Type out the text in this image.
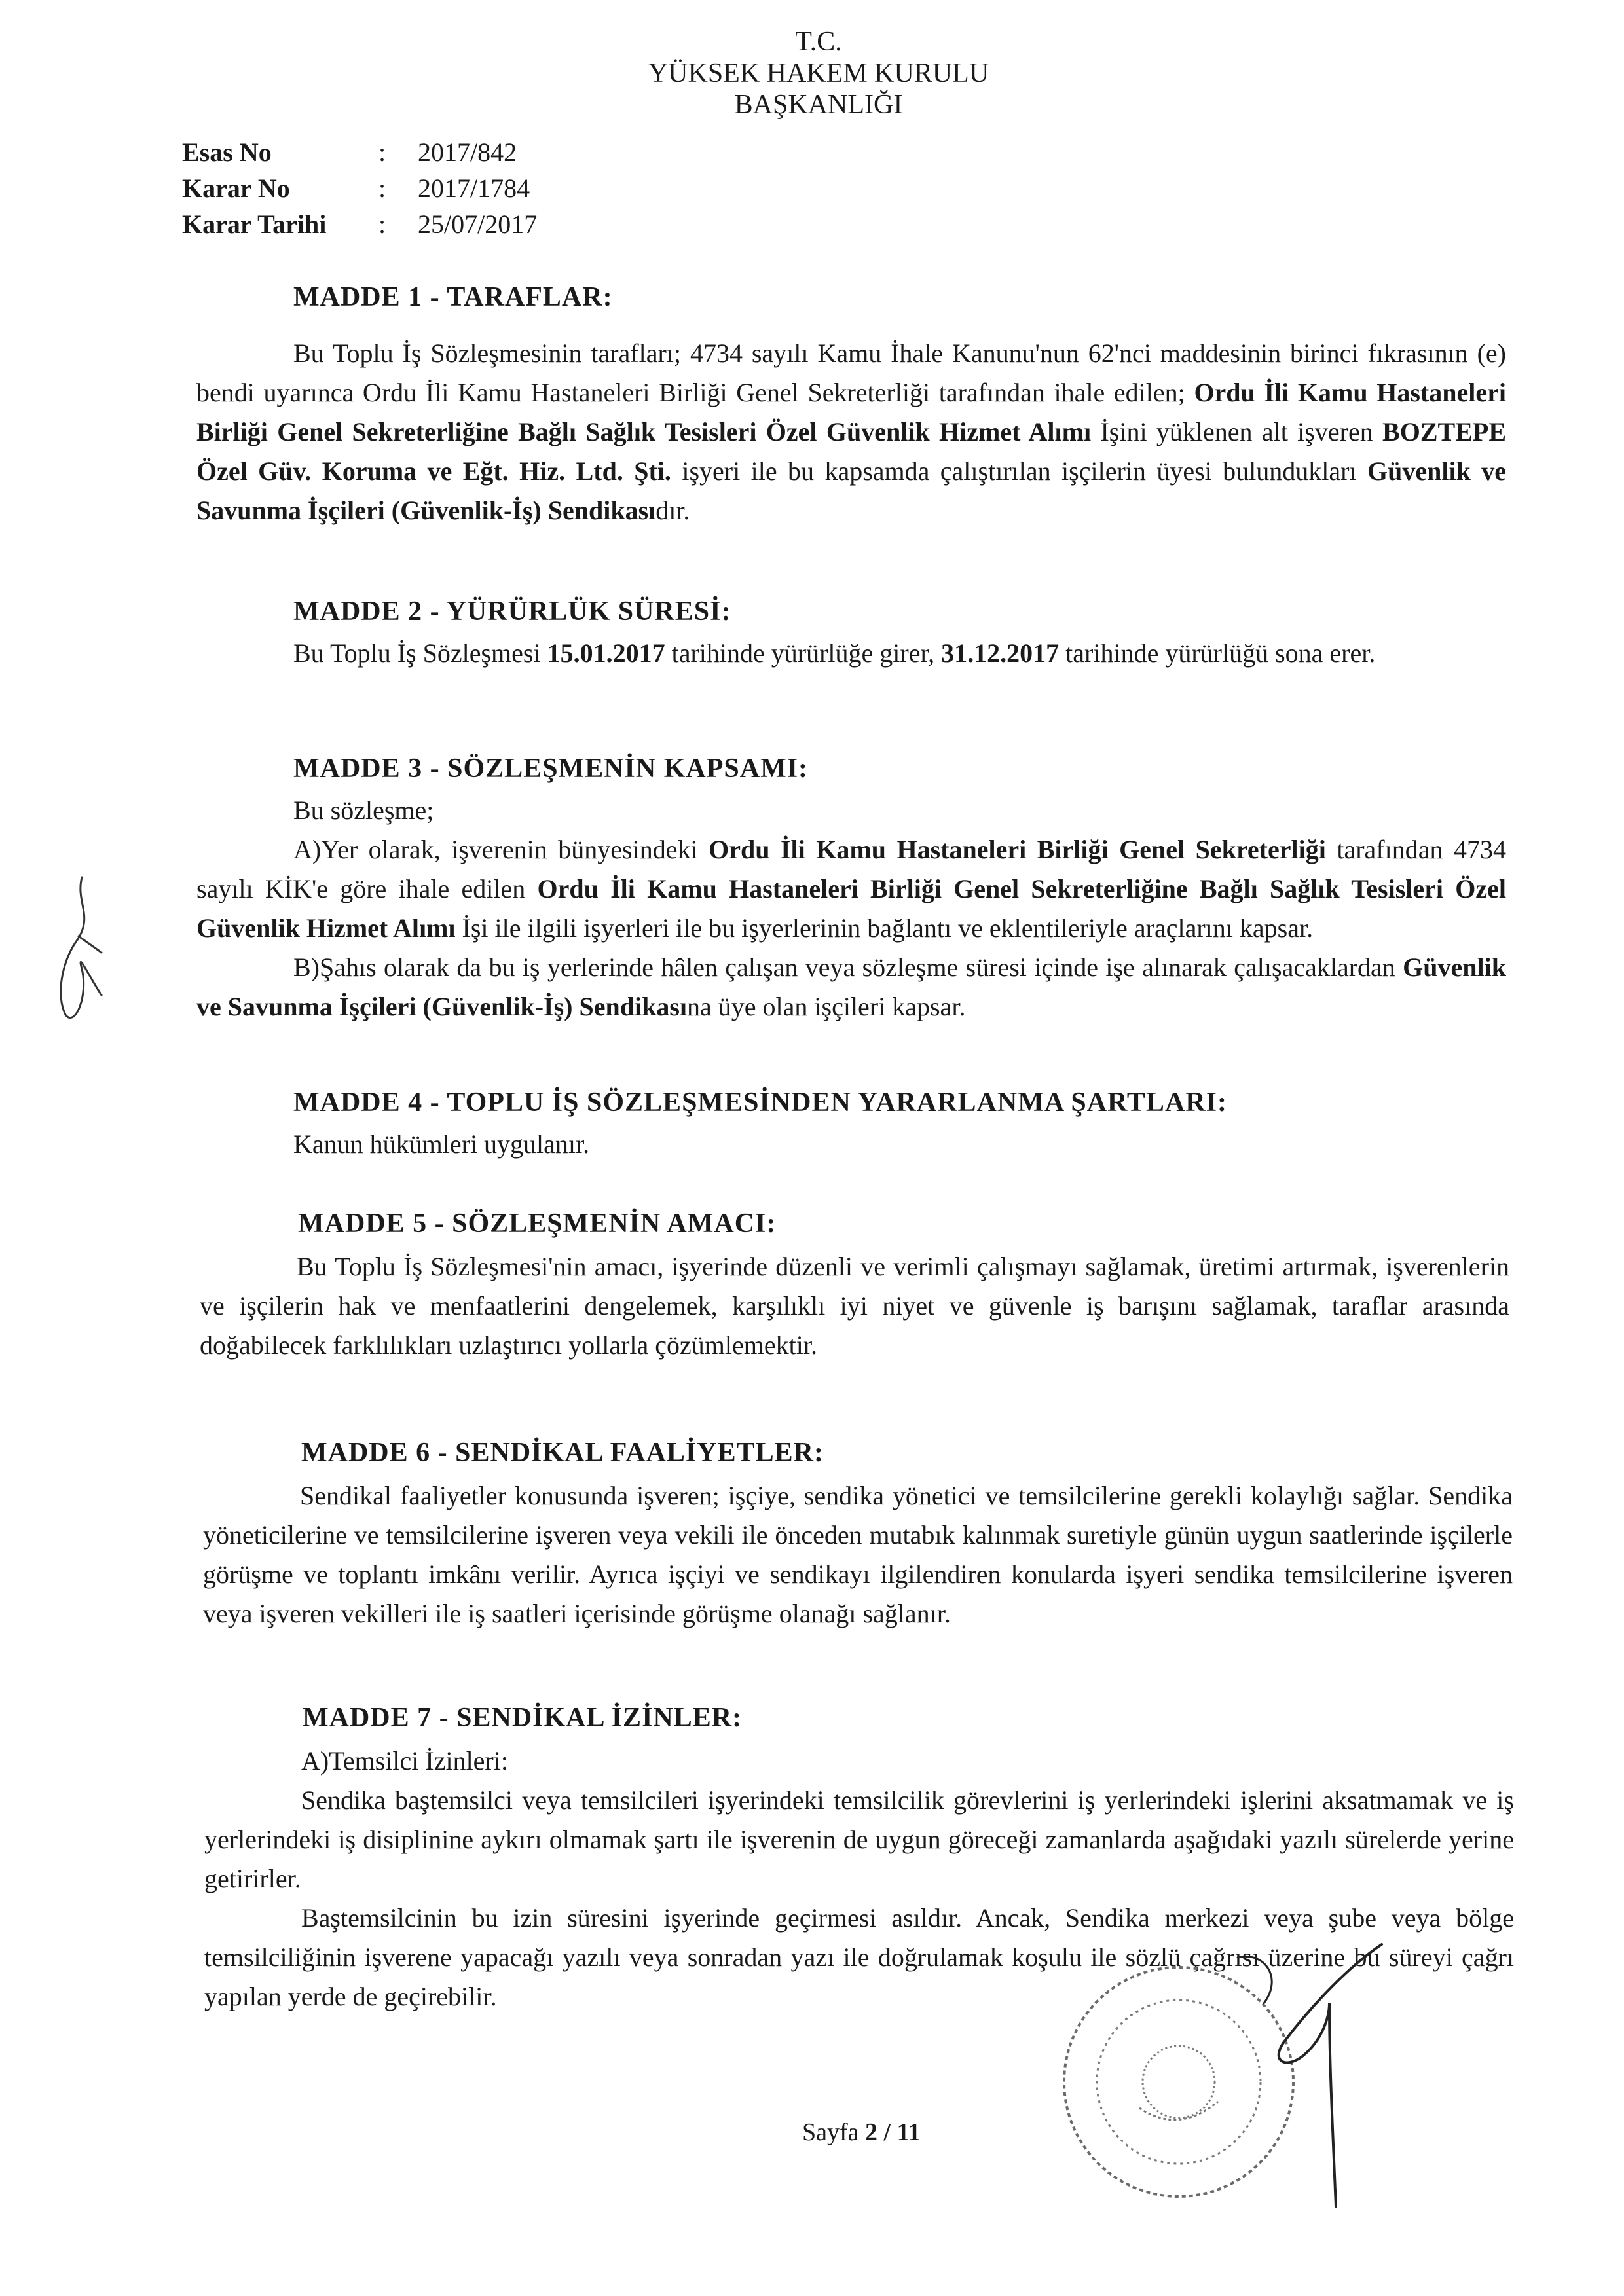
T.C.
YÜKSEK HAKEM KURULU
BAŞKANLIĞI
Esas No	: 2017/842
Karar No	: 2017/1784
Karar Tarihi : 25/07/2017
MADDE 1 - TARAFLAR:
Bu Toplu İş Sözleşmesinin tarafları; 4734 sayılı Kamu İhale Kanunu'nun 62'nci maddesinin birinci fıkrasının (e) bendi uyarınca Ordu İli Kamu Hastaneleri Birliği Genel Sekreterliği tarafından ihale edilen; Ordu İli Kamu Hastaneleri Birliği Genel Sekreterliğine Bağlı Sağlık Tesisleri Özel Güvenlik Hizmet Alımı İşini yüklenen alt işveren BOZTEPE Özel Güv. Koruma ve Eğt. Hiz. Ltd. Şti. işyeri ile bu kapsamda çalıştırılan işçilerin üyesi bulundukları Güvenlik ve Savunma İşçileri (Güvenlik-İş) Sendikasıdır.
MADDE 2 - YÜRÜRLÜK SÜRESİ:
Bu Toplu İş Sözleşmesi 15.01.2017 tarihinde yürürlüğe girer, 31.12.2017 tarihinde yürürlüğü sona erer.
MADDE 3 - SÖZLEŞMENİN KAPSAMI:
Bu sözleşme;
A)Yer olarak, işverenin bünyesindeki Ordu İli Kamu Hastaneleri Birliği Genel Sekreterliği tarafından 4734 sayılı KİK'e göre ihale edilen Ordu İli Kamu Hastaneleri Birliği Genel Sekreterliğine Bağlı Sağlık Tesisleri Özel Güvenlik Hizmet Alımı İşi ile ilgili işyerleri ile bu işyerlerinin bağlantı ve eklentileriyle araçlarını kapsar.
B)Şahıs olarak da bu iş yerlerinde hâlen çalışan veya sözleşme süresi içinde işe alınarak çalışacaklardan Güvenlik ve Savunma İşçileri (Güvenlik-İş) Sendikasına üye olan işçileri kapsar.
MADDE 4 - TOPLU İŞ SÖZLEŞMESİNDEN YARARLANMA ŞARTLARI:
Kanun hükümleri uygulanır.
MADDE 5 - SÖZLEŞMENİN AMACI:
Bu Toplu İş Sözleşmesi'nin amacı, işyerinde düzenli ve verimli çalışmayı sağlamak, üretimi artırmak, işverenlerin ve işçilerin hak ve menfaatlerini dengelemek, karşılıklı iyi niyet ve güvenle iş barışını sağlamak, taraflar arasında doğabilecek farklılıkları uzlaştırıcı yollarla çözümlemektir.
MADDE 6 - SENDİKAL FAALİYETLER:
Sendikal faaliyetler konusunda işveren; işçiye, sendika yönetici ve temsilcilerine gerekli kolaylığı sağlar. Sendika yöneticilerine ve temsilcilerine işveren veya vekili ile önceden mutabık kalınmak suretiyle günün uygun saatlerinde işçilerle görüşme ve toplantı imkânı verilir. Ayrıca işçiyi ve sendikayı ilgilendiren konularda işyeri sendika temsilcilerine işveren veya işveren vekilleri ile iş saatleri içerisinde görüşme olanağı sağlanır.
MADDE 7 - SENDİKAL İZİNLER:
A)Temsilci İzinleri:
Sendika baştemsilci veya temsilcileri işyerindeki temsilcilik görevlerini iş yerlerindeki işlerini aksatmamak ve iş yerlerindeki iş disiplinine aykırı olmamak şartı ile işverenin de uygun göreceği zamanlarda aşağıdaki yazılı sürelerde yerine getirirler.
Baştemsilcinin bu izin süresini işyerinde geçirmesi asıldır. Ancak, Sendika merkezi veya şube veya bölge temsilciliğinin işverene yapacağı yazılı veya sonradan yazı ile doğrulamak koşulu ile sözlü çağrısı üzerine bu süreyi çağrı yapılan yerde de geçirebilir.
Sayfa 2 / 11
